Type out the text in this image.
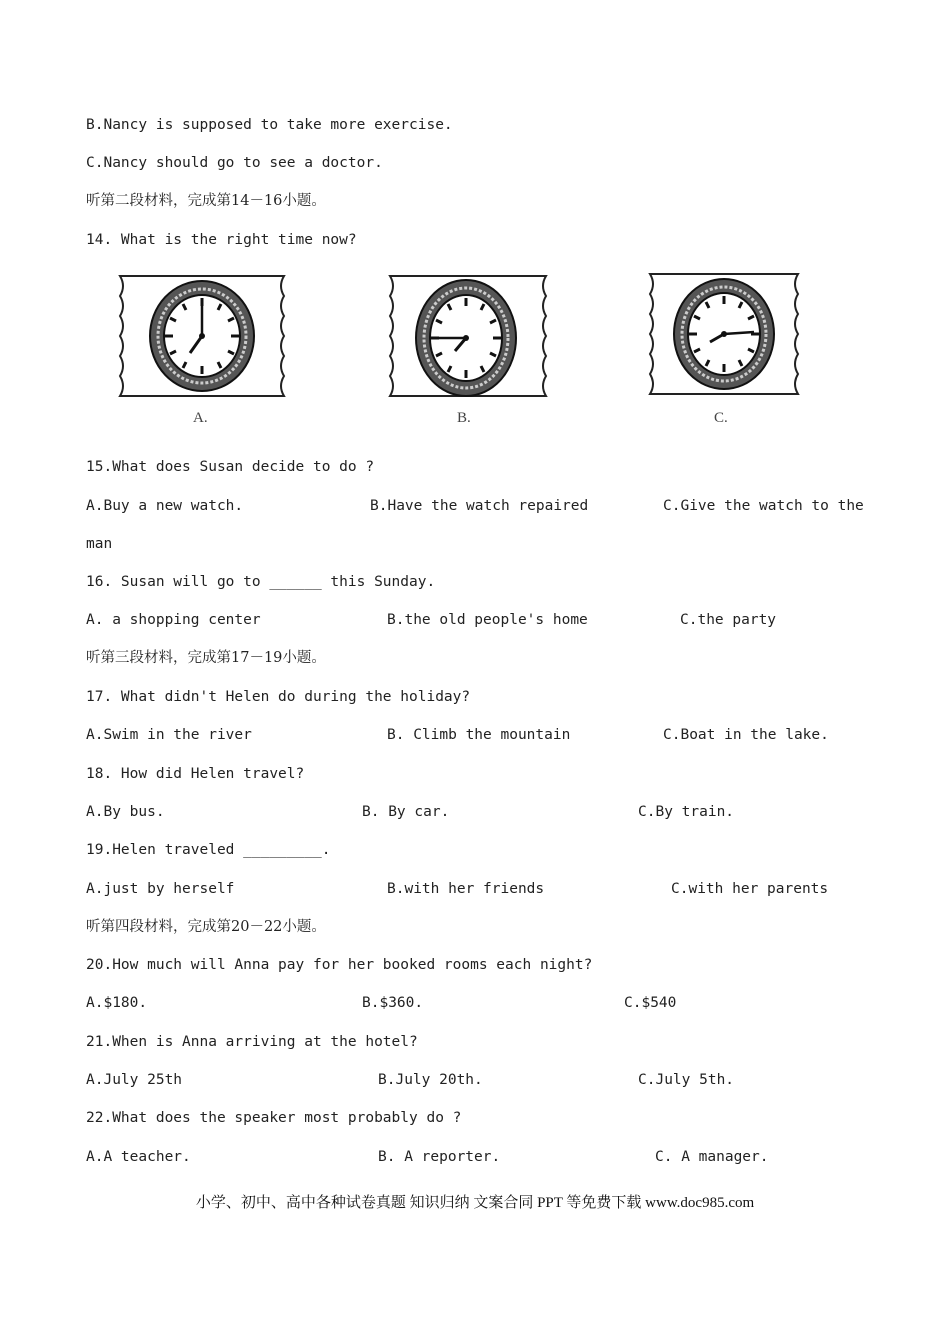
B.Nancy is supposed to take more exercise.
C.Nancy should go to see a doctor.
听第二段材料，完成第14－16小题。
14. What is the right time now?
A.	B.	C.
15.What does Susan decide to do ?
A.Buy a new watch.	B.Have the watch repaired	C.Give the watch to the
man
16. Susan will go to ______ this Sunday.
A. a shopping center	B.the old people's home	C.the party
听第三段材料，完成第17－19小题。
17. What didn't Helen do during the holiday?
A.Swim in the river	B. Climb the mountain	C.Boat in the lake.
18. How did Helen travel?
A.By bus.	B. By car.	C.By train.
19.Helen traveled _________.
A.just by herself	B.with her friends	C.with her parents
听第四段材料，完成第20－22小题。
20.How much will Anna pay for her booked rooms each night?
A.$180.	B.$360.	C.$540
21.When is Anna arriving at the hotel?
A.July 25th	B.July 20th.	C.July 5th.
22.What does the speaker most probably do ?
A.A teacher.	B. A reporter.	C. A manager.
小学、初中、高中各种试卷真题 知识归纳 文案合同 PPT 等免费下载 www.doc985.com
